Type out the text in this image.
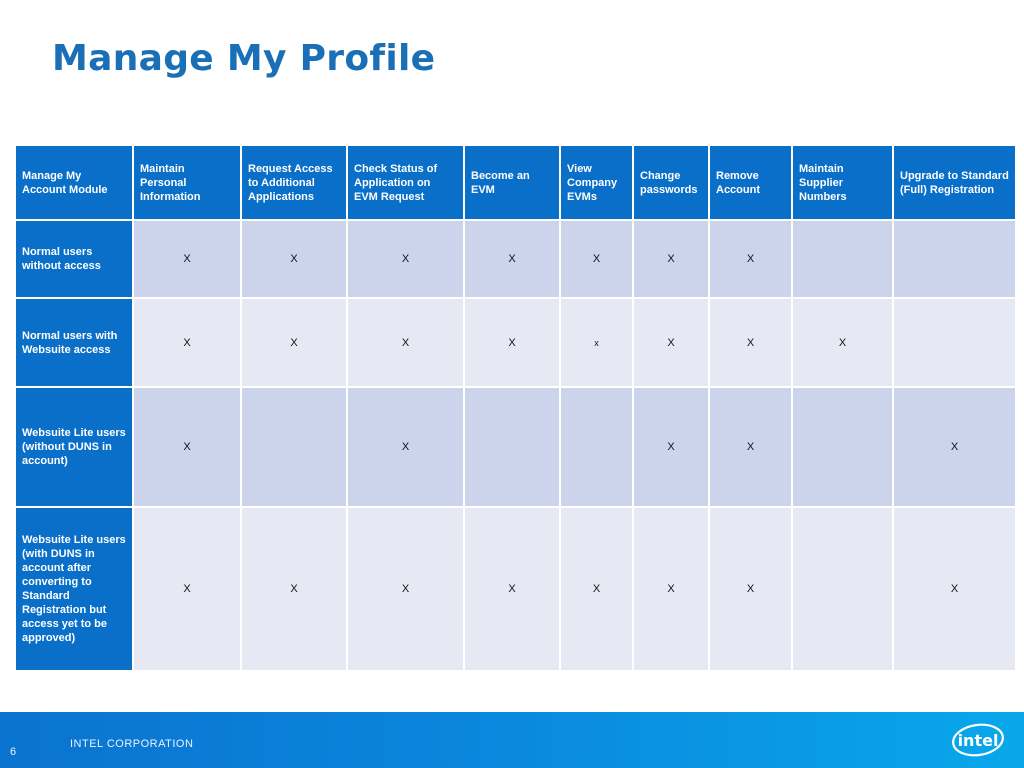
Manage My Profile
Manage My Account Module	Maintain Personal Information	Request Access to Additional Applications	Check Status of Application on EVM Request	Become an EVM	View Company EVMs	Change passwords	Remove Account	Maintain Supplier Numbers	Upgrade to Standard (Full) Registration
Normal users without access	X	X	X	X	X	X	X		
Normal users with Websuite access	X	X	X	X	x	X	X	X	
Websuite Lite users (without DUNS in account)	X		X			X	X		X
Websuite Lite users (with DUNS in account after converting to Standard Registration but access yet to be approved)	X	X	X	X	X	X	X		X
6
INTEL CORPORATION	intel
